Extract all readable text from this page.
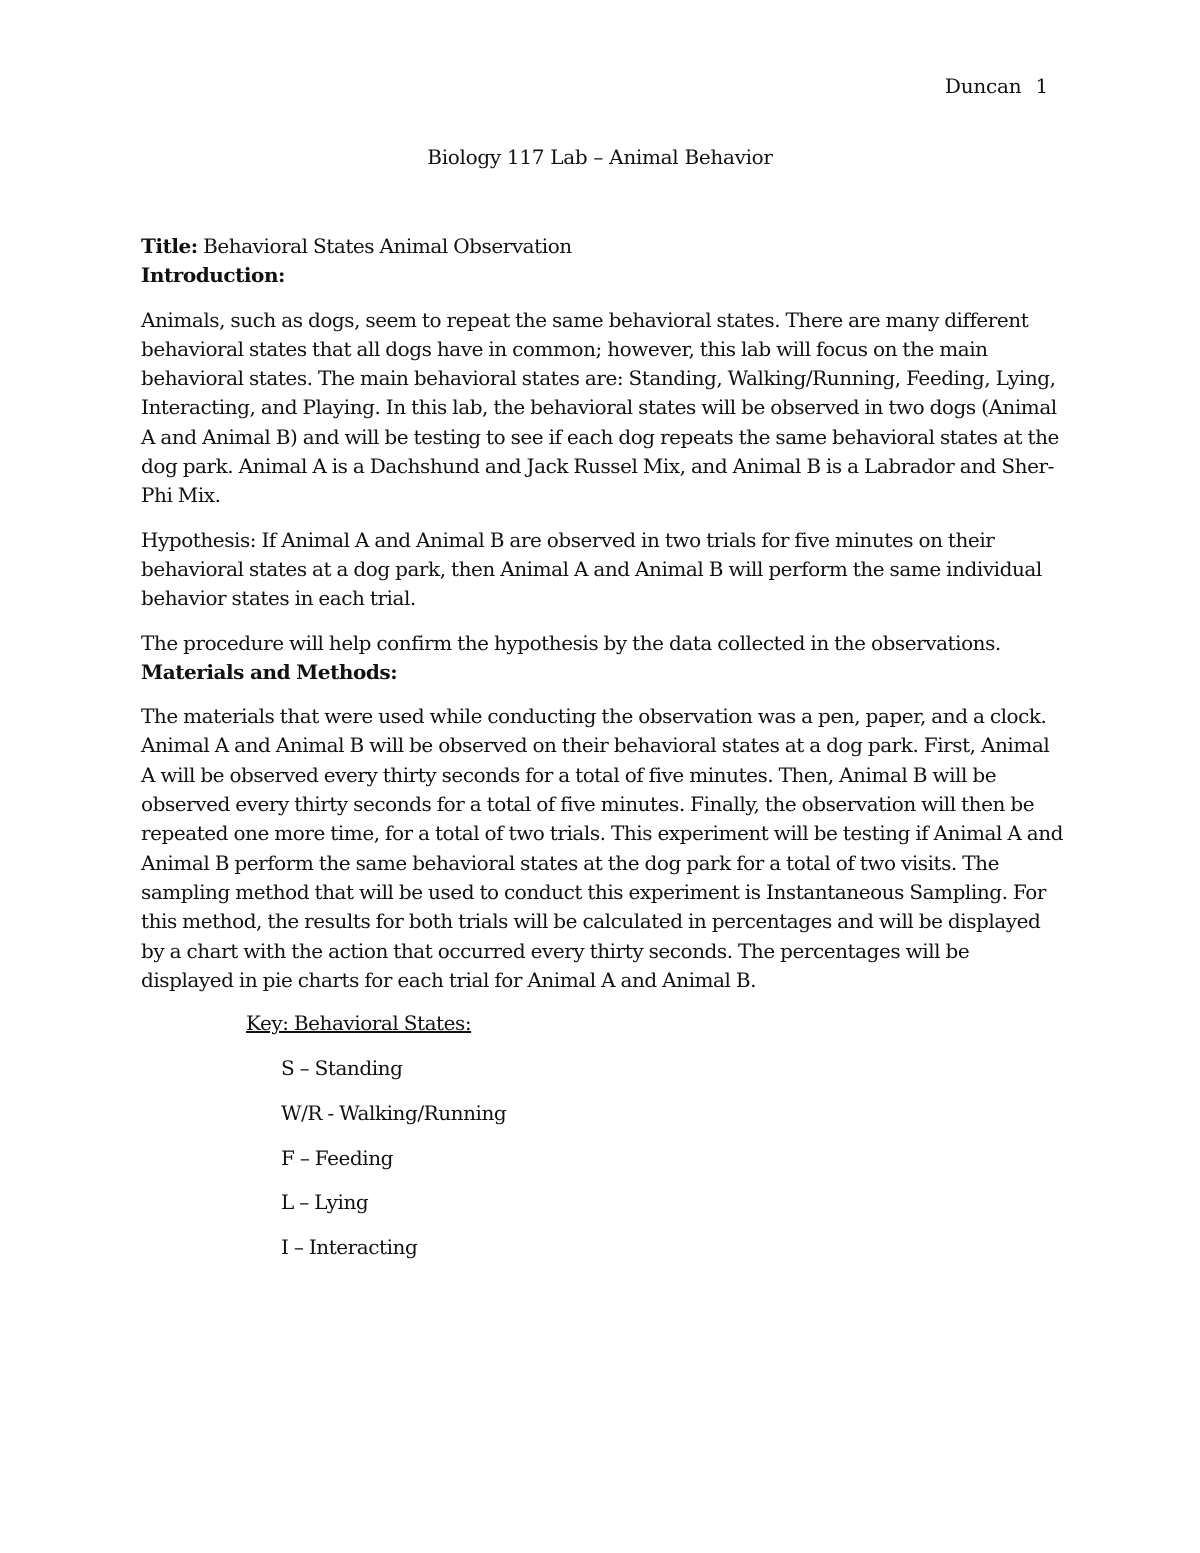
Duncan 1
Biology 117 Lab – Animal Behavior

Title: Behavioral States Animal Observation

Introduction:

Animals, such as dogs, seem to repeat the same behavioral states. There are many different behavioral states that all dogs have in common; however, this lab will focus on the main behavioral states. The main behavioral states are: Standing, Walking/Running, Feeding, Lying, Interacting, and Playing. In this lab, the behavioral states will be observed in two dogs (Animal A and Animal B) and will be testing to see if each dog repeats the same behavioral states at the dog park. Animal A is a Dachshund and Jack Russel Mix, and Animal B is a Labrador and Sher-Phi Mix.

Hypothesis: If Animal A and Animal B are observed in two trials for five minutes on their behavioral states at a dog park, then Animal A and Animal B will perform the same individual behavior states in each trial.

The procedure will help confirm the hypothesis by the data collected in the observations.

Materials and Methods:

The materials that were used while conducting the observation was a pen, paper, and a clock. Animal A and Animal B will be observed on their behavioral states at a dog park. First, Animal A will be observed every thirty seconds for a total of five minutes. Then, Animal B will be observed every thirty seconds for a total of five minutes. Finally, the observation will then be repeated one more time, for a total of two trials. This experiment will be testing if Animal A and Animal B perform the same behavioral states at the dog park for a total of two visits. The sampling method that will be used to conduct this experiment is Instantaneous Sampling. For this method, the results for both trials will be calculated in percentages and will be displayed by a chart with the action that occurred every thirty seconds. The percentages will be displayed in pie charts for each trial for Animal A and Animal B.

Key: Behavioral States:

S – Standing
W/R - Walking/Running
F – Feeding
L – Lying
I – Interacting
